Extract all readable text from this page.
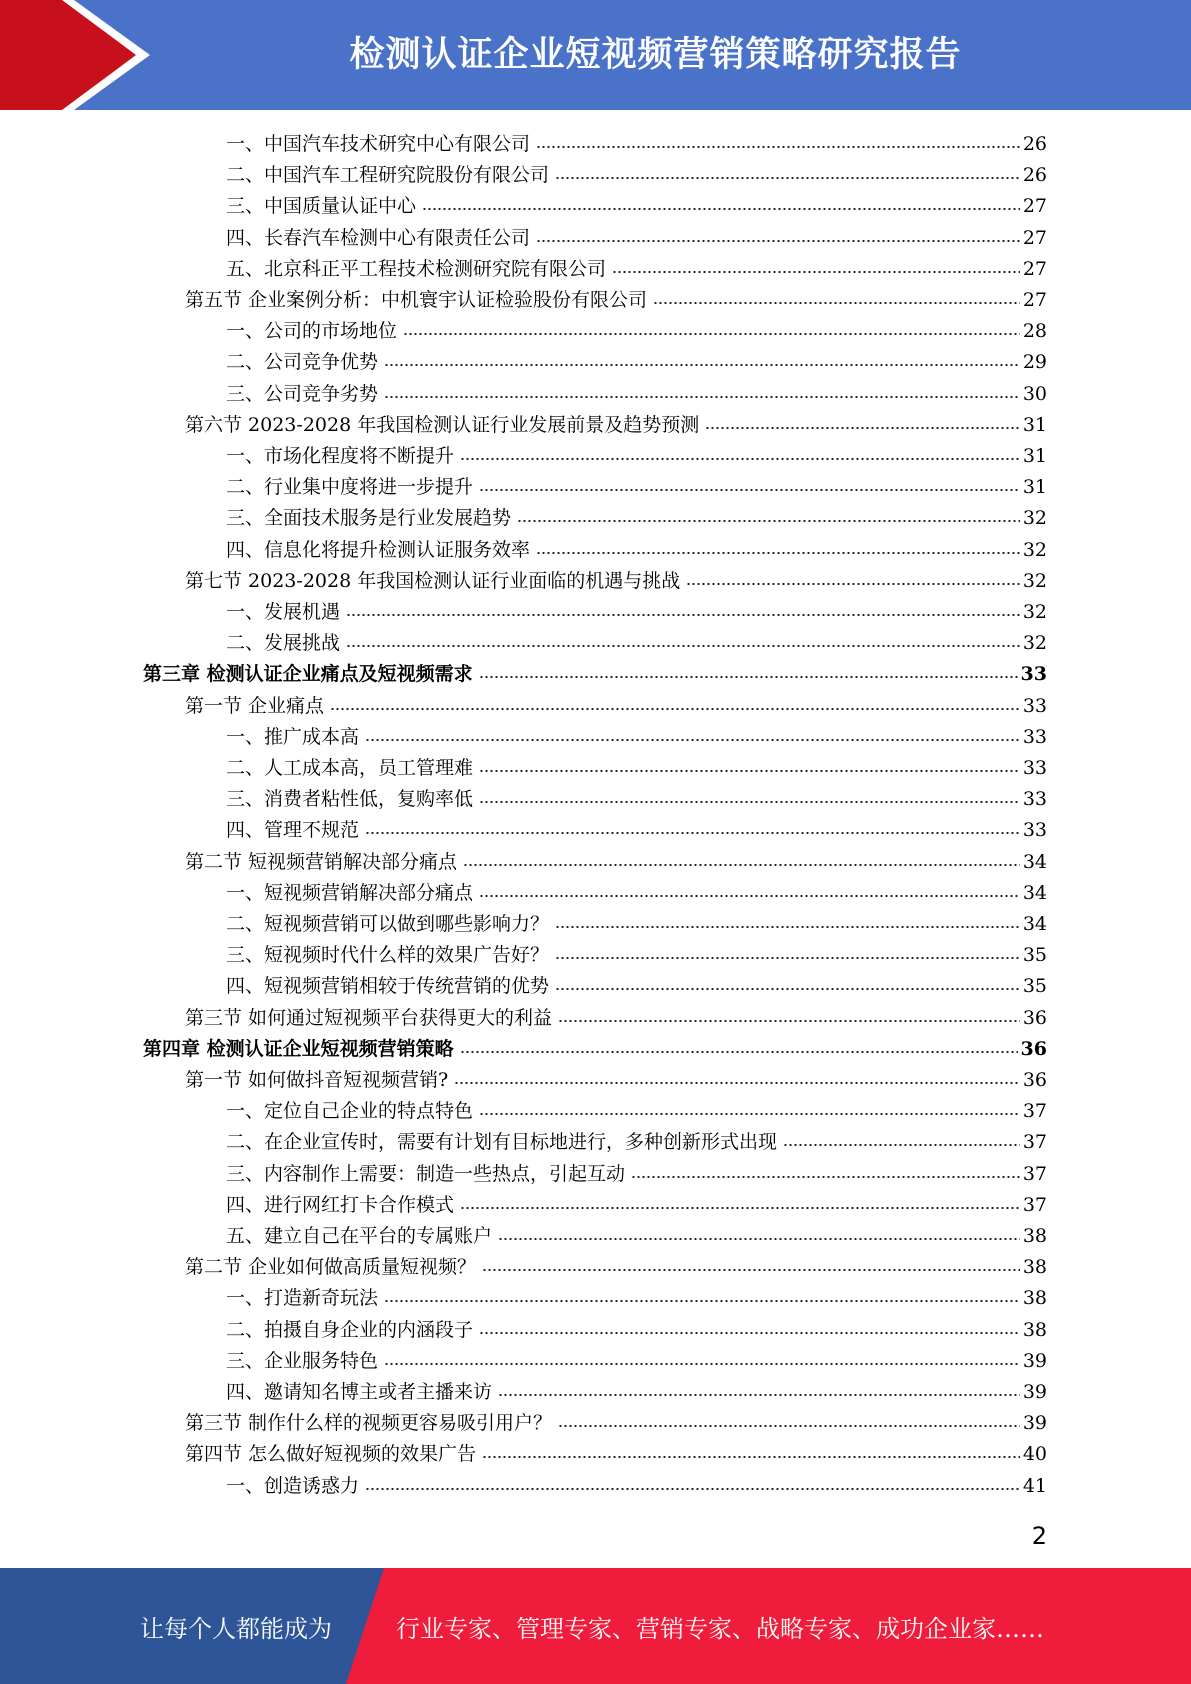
检测认证企业短视频营销策略研究报告
一、中国汽车技术研究中心有限公司	26
二、中国汽车工程研究院股份有限公司	26
三、中国质量认证中心	27
四、长春汽车检测中心有限责任公司	27
五、北京科正平工程技术检测研究院有限公司	27
第五节 企业案例分析：中机寰宇认证检验股份有限公司	27
一、公司的市场地位	28
二、公司竞争优势	29
三、公司竞争劣势	30
第六节 2023-2028 年我国检测认证行业发展前景及趋势预测	31
一、市场化程度将不断提升	31
二、行业集中度将进一步提升	31
三、全面技术服务是行业发展趋势	32
四、信息化将提升检测认证服务效率	32
第七节 2023-2028 年我国检测认证行业面临的机遇与挑战	32
一、发展机遇	32
二、发展挑战	32
第三章 检测认证企业痛点及短视频需求	33
第一节 企业痛点	33
一、推广成本高	33
二、人工成本高，员工管理难	33
三、消费者粘性低，复购率低	33
四、管理不规范	33
第二节 短视频营销解决部分痛点	34
一、短视频营销解决部分痛点	34
二、短视频营销可以做到哪些影响力？	34
三、短视频时代什么样的效果广告好？	35
四、短视频营销相较于传统营销的优势	35
第三节 如何通过短视频平台获得更大的利益	36
第四章 检测认证企业短视频营销策略	36
第一节 如何做抖音短视频营销?	36
一、定位自己企业的特点特色	37
二、在企业宣传时，需要有计划有目标地进行，多种创新形式出现	37
三、内容制作上需要：制造一些热点，引起互动	37
四、进行网红打卡合作模式	37
五、建立自己在平台的专属账户	38
第二节 企业如何做高质量短视频？	38
一、打造新奇玩法	38
二、拍摄自身企业的内涵段子	38
三、企业服务特色	39
四、邀请知名博主或者主播来访	39
第三节 制作什么样的视频更容易吸引用户？	39
第四节 怎么做好短视频的效果广告	40
一、创造诱惑力	41
2
让每个人都能成为	行业专家、管理专家、营销专家、战略专家、成功企业家……
